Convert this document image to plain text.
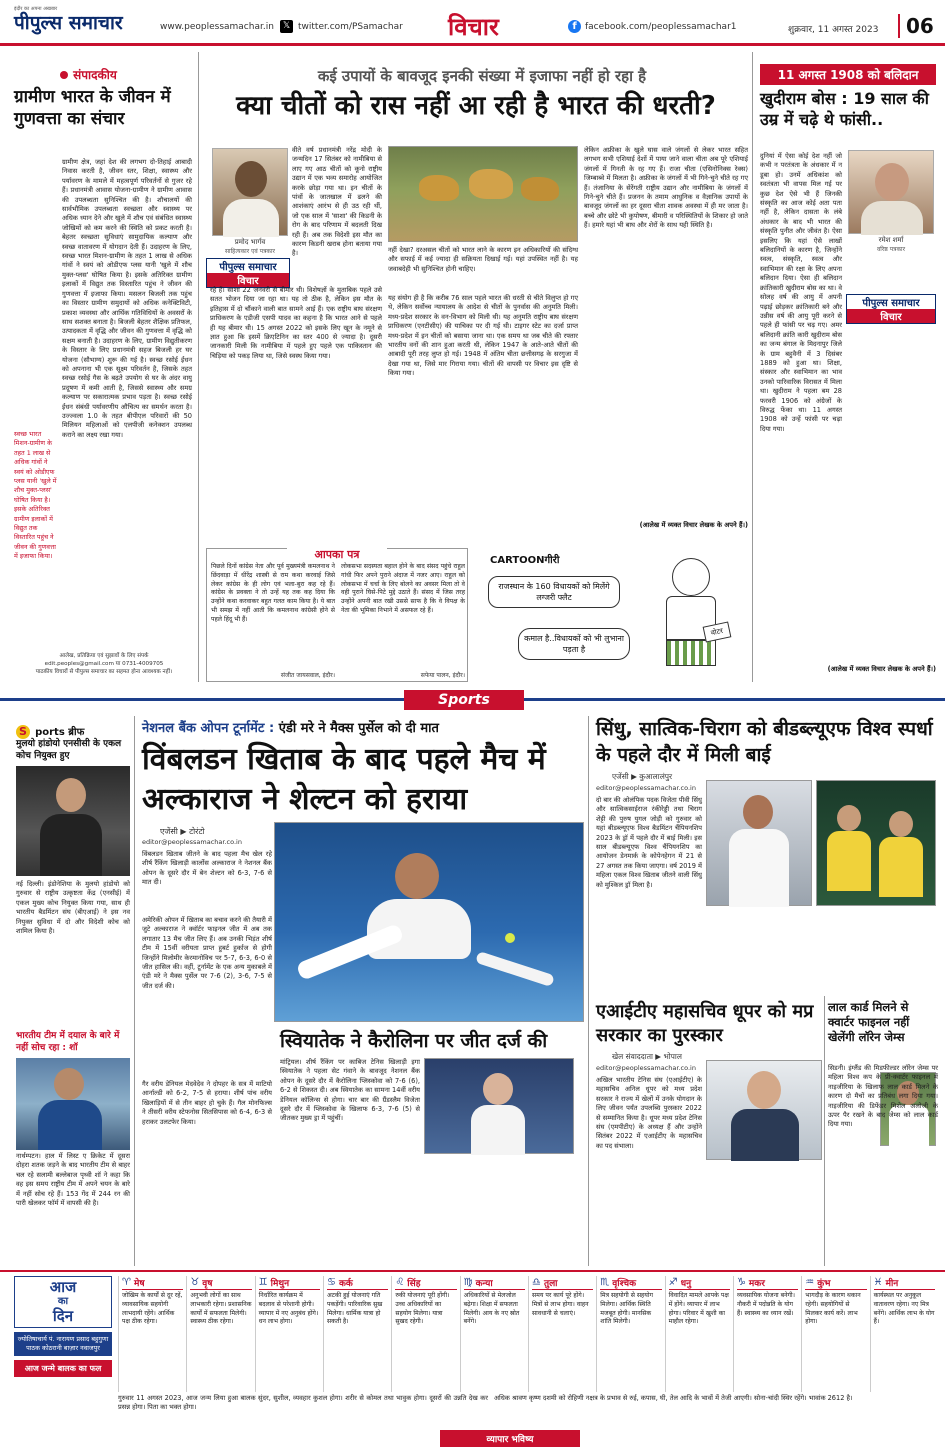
इंदौर का अपना अखबार
पीपुल्स समाचार	www.peoplessamachar.in 𝕏 twitter.com/PSamachar विचार	f facebook.com/peoplessamachar1	शुक्रवार, 11 अगस्त 2023	06
संपादकीय
ग्रामीण भारत के जीवन में गुणवत्ता का संचार
ग्रामीण क्षेत्र, जहां देश की लगभग दो-तिहाई आबादी निवास करती है, जीवन स्तर, शिक्षा, स्वास्थ्य और पर्यावरण के मामले में महत्वपूर्ण परिवर्तनों से गुजर रहे हैं। प्रधानमंत्री आवास योजना-ग्रामीण ने ग्रामीण आवास की उपलब्धता सुनिश्चित की है। शौचालयों की सार्वभौमिक उपलब्धता स्वच्छता और स्वास्थ्य पर अधिक ध्यान देने और खुले में शौच एवं संबंधित स्वास्थ्य जोखिमों को कम करने की स्थिति को प्रकट करती है। बेहतर स्वच्छता सुविधाएं सामुदायिक कल्याण और स्वच्छ वातावरण में योगदान देती हैं। उदाहरण के लिए, स्वच्छ भारत मिशन-ग्रामीण के तहत 1 लाख से अधिक गांवों ने स्वयं को ओडीएफ प्लस यानी 'खुले में शौच मुक्त-प्लस' घोषित किया है। इसके अतिरिक्त ग्रामीण इलाकों में विद्युत तक विस्तारित पहुंच ने जीवन की गुणवत्ता में इजाफा किया। मसलन बिजली तक पहुंच का विस्तार ग्रामीण समुदायों को अधिक कनेक्टिविटी, प्रकाश व्यवस्था और आर्थिक गतिविधियों के अवसरों के साथ सशक्त बनाता है। बिजली बेहतर शैक्षिक प्रतिफल, उत्पादकता में वृद्धि और जीवन की गुणवत्ता में वृद्धि को सक्षम बनाती है। उदाहरण के लिए, ग्रामीण विद्युतीकरण के विस्तार के लिए प्रधानमंत्री सहज बिजली हर घर योजना (सौभाग्य) शुरू की गई है। स्वच्छ रसोई ईंधन को अपनाना भी एक सूक्ष्म परिवर्तन है, जिसके तहत स्वच्छ रसोई गैस के बढ़ते उपयोग से घर के अंदर वायु प्रदूषण में कमी आती है, जिससे स्वास्थ्य और समग्र कल्याण पर सकारात्मक प्रभाव पड़ता है। स्वच्छ रसोई ईंधन संबंधी पर्यावरणीय औचित्य का समर्थन करता है। उज्ज्वला 1.0 के तहत बीपीएल परिवारों की 50 मिलियन महिलाओं को एलपीजी कनेक्शन उपलब्ध कराने का लक्ष्य रखा गया।
स्वच्छ भारत मिशन-ग्रामीण के तहत 1 लाख से अधिक गांवों ने स्वयं को ओडीएफ प्लस यानी 'खुले में शौच मुक्त-प्लस' घोषित किया है। इसके अतिरिक्त ग्रामीण इलाकों में विद्युत तक विस्तारित पहुंच ने जीवन की गुणवत्ता में इजाफा किया।
आलेख, प्रतिक्रिया एवं सुझावों के लिए संपर्क
edit.peoples@gmail.com या 0731-4009705
पाठकीय विचारों से पीपुल्स समाचार का सहमत होना आवश्यक नहीं।
कई उपायों के बावजूद इनकी संख्या में इजाफा नहीं हो रहा है
क्या चीतों को रास नहीं आ रही है भारत की धरती?
प्रमोद भार्गव
साहित्यकार एवं पत्रकार
पीपुल्स समाचार
विचार
वीते वर्ष प्रधानमंत्री नरेंद्र मोदी के जन्मदिन 17 सितंबर को नामीबिया से लाए गए आठ चीतों को कूनो राष्ट्रीय उद्यान में एक भव्य समारोह आयोजित करके छोड़ा गया था। इन चीतों के पांवों के जातखाल में ढलने की आशंकाएं आरंभ से ही उठ रही थीं, जो एक साल में 'साशा' की किडनी के रोग के बाद परिणाम में बदलती दिख रही हैं। अब तक विदेशी इस मौत का कारण किडनी खराब होना बताया गया है।
रहे हैं। साशा 22 जनवरी से बीमार थी। विशेषज्ञों के मुताबिक पहले उसे सतत भोजन दिया जा रहा था। यह तो ठीक है, लेकिन इस मौत के इतिहास में दो चौंकाने वाली बात सामने आई हैं। एक राष्ट्रीय बाघ संरक्षण प्राधिकरण के एडीजी एसपी यादव का कहना है कि भारत आने से पहले ही यह बीमार थी। 15 अगस्त 2022 को इसके लिए खून के नमूने से ज्ञात हुआ कि इसमें क्रिएटिनिन का स्तर 400 से ज्यादा है। दूसरी जानकारी मिली कि नामीबिया में पहले हुए पहले एक पाकिस्तान की चिड़िया को पकड़ लिया था, जिसे स्वस्थ किया गया।
नहीं देखा? दरअसल चीतों को भारत लाने के कारण इन अधिकारियों की संदिग्ध और सफाई में कई ज्यादा ही सक्रियता दिखाई गई। यहां उपस्थित नहीं है। यह जवाबदेही भी सुनिश्चित होनी चाहिए।
यह संयोग ही है कि करीब 76 साल पहले भारत की धरती से चीते विलुप्त हो गए थे, लेकिन सर्वोच्च न्यायालय के आदेश से चीतों के पुनर्वास की अनुमति मिली। मध्य-प्रदेश सरकार के वन-विभाग को मिली थी। यह अनुमति राष्ट्रीय बाघ संरक्षण प्राधिकरण (एनटीसीए) की याचिका पर दी गई थी। टाइगर स्टेट का दर्जा प्राप्त मध्य-प्रदेश में इन चीतों को बसाया जाना था। एक समय था जब चीते की रफ्तार भारतीय वनों की शान हुआ करती थी, लेकिन 1947 के आते-आते चीतों की आबादी पूरी तरह लुप्त हो गई। 1948 में अंतिम चीता छत्तीसगढ़ के सरगुजा में देखा गया था, जिसे मार गिराया गया। चीतों की वापसी पर विचार इस दृष्टि से किया गया।
लेकिन अफ्रीका के खुले घास वाले जंगलों से लेकर भारत सहित लगभग सभी एशियाई देशों में पाया जाने वाला चीता अब पूरे एशियाई जंगलों में गिनती के रह गए हैं। राजा चीता (एसिनोनिक्स रेक्स) जिम्बाब्वे में मिलता है। अफ्रीका के जंगलों में भी गिने-चुने चीते रह गए हैं। तंजानिया के सेरेंगती राष्ट्रीय उद्यान और नामीबिया के जंगलों में गिने-चुने चीते हैं। प्रजनन के तमाम आधुनिक व वैज्ञानिक उपायों के बावजूद जंगलों का हर दूसरा चीता शावक अवस्था में ही मर जाता है। बच्चे और छोटे भी कुपोषण, बीमारी व परिस्थितियों के शिकार हो जाते हैं। हमारे यहां भी बाघ और शेरों के साथ यही स्थिति है।
(आलेख में व्यक्त विचार लेखक के अपने हैं।)
आपका पत्र
पिछले दिनों कांग्रेस नेता और पूर्व मुख्यमंत्री कमलनाथ ने छिंदवाड़ा में धीरेंद्र शास्त्री से राम कथा करवाई जिसे लेकर कांग्रेस के ही लोग एवं भला-बुरा कह रहे हैं। कांग्रेस के प्रवक्ता ने तो उन्हें यह तक कह दिया कि उन्होंने कथा करवाकर बहुत गलत काम किया है। ये बात भी समझ में नहीं आती कि कमलनाथ कांग्रेसी होने से पहले हिंदू भी हैं।
संजीत जायसवाल, इंदौर।
लोकसभा सदस्यता बहाल होने के बाद संसद पहुंचे राहुल गांधी फिर अपने पुराने अंदाज में नजर आए। राहुल को लोकसभा में चर्चा के लिए बोलने का अवसर मिला तो वे वही पुराने घिसे-पिटे मुद्दे उठाते हैं। संसद में जिस तरह उन्होंने अपनी बात रखी उससे साफ है कि वे विपक्ष के नेता की भूमिका निभाने में असफल रहे हैं।
सफेया पालन, इंदौर।
CARTOONगीरी
राजस्थान के 160 विधायकों को मिलेंगे लग्जरी फ्लैट
कमाल है..विधायकों को भी लुभाना पड़ता है
वोटर
11 अगस्त 1908 को बलिदान
खुदीराम बोस : 19 साल की उम्र में चढ़े थे फांसी..
रमेश शर्मा
वरिष्ठ पत्रकार
पीपुल्स समाचार
विचार
दुनियां में ऐसा कोई देश नहीं जो कभी न परतंत्रता के अंधकार में न डूबा हो। उनमें अधिकांश को स्वतंत्रता भी वापस मिल गई पर कुछ देश ऐसे भी हैं जिनकी संस्कृति का आज कोई अता पता नहीं है, लेकिन दासता के लंबे अंधकार के बाद भी भारत की संस्कृति पुनीत और जीवंत है। ऐसा इसलिए कि यहां ऐसे लाखों बलिदानियों के कारण है, जिन्होंने स्वत्व, संस्कृति, स्वत्व और स्वाभिमान की रक्षा के लिए अपना बलिदान दिया। ऐसा ही बलिदान क्रांतिकारी खुदीराम बोस का था। वे सोलह वर्ष की आयु में अपनी पढ़ाई छोड़कर क्रांतिकारी बने और उन्नीस वर्ष की आयु पूरी करने से पहले ही फांसी पर चढ़ गए। अमर बलिदानी क्रांति कारी खुदीराम बोस का जन्म बंगाल के मिदनापुर जिले के ग्राम बहुवैनी में 3 दिसंबर 1889 को हुआ था। शिक्षा, संस्कार और स्वाभिमान का भाव उनको पारिवारिक विरासत में मिला था। खुदीराम ने पहला बम 28 फरवरी 1906 को अंग्रेजों के विरुद्ध फेंका था। 11 अगस्त 1908 को उन्हें फांसी पर चढ़ा दिया गया।
(आलेख में व्यक्त विचार लेखक के अपने हैं।)
Sports
S ports ब्रीफ
मुलयो हांडोयो एनसीसी के एकल कोच नियुक्त हुए
नई दिल्ली। इंडोनेशिया के मुलयो हांडोयो को गुरुवार से राष्ट्रीय उत्कृष्टता केंद्र (एनसीई) में एकल मुख्य कोच नियुक्त किया गया, साथ ही भारतीय बैडमिंटन संघ (बीएआई) ने इस नव नियुक्त सुविधा में दो और विदेशी कोच को शामिल किया है।
भारतीय टीम में दयाल के बारे में नहीं सोच रहा : शॉ
नार्थम्पटन। हाल में लिस्ट ए क्रिकेट में दूसरा दोहरा शतक जड़ने के बाद भारतीय टीम से बाहर चल रहे सलामी बल्लेबाज पृथ्वी शॉ ने कहा कि वह इस समय राष्ट्रीय टीम में अपने चयन के बारे में नहीं सोच रहे हैं। 153 गेंद में 244 रन की पारी खेलकर फॉर्म में वापसी की है।
नेशनल बैंक ओपन टूर्नामेंट : एंडी मरे ने मैक्स पुर्सेल को दी मात
विंबलडन खिताब के बाद पहले मैच में अल्काराज ने शेल्टन को हराया
एजेंसी ▶ टोरंटो
editor@peoplessamachar.co.in
विंबलडन खिताब जीतने के बाद पहला मैच खेल रहे शीर्ष रैंकिंग खिलाड़ी कार्लोस अल्काराज ने नेशनल बैंक ओपन के दूसरे दौर में बेन शेल्टन को 6-3, 7-6 से मात दी।
अमेरिकी ओपन में खिताब का बचाव करने की तैयारी में जुटे अल्काराज ने क्वॉर्टर फाइनल जीत में अब तक लगातार 13 मैच जीत लिए हैं। अब उनकी भिड़ंत शीर्ष टीम में 15वीं वरीयता प्राप्त हुबर्ट हुर्काज से होगी जिन्होंने मिलोमीर केरमानोविच पर 5-7, 6-3, 6-0 से जीत हासिल की। वहीं, टूर्नामेंट के एक अन्य मुकाबले में एंडी मरे ने मैक्स पुर्सेल पर 7-6 (2), 3-6, 7-5 से जीत दर्ज की।
गैर वरीय डेनियल मेदवेदेव ने दोपहर के सत्र में माटियो आर्नाल्डी को 6-2, 7-5 से हराया। शीर्ष पांच वरीय खिलाड़ियों में से तीन बाहर हो चुके हैं। गैल मोनफिल्स ने तीसरी वरीय स्टेफनोस सितसिपास को 6-4, 6-3 से हराकर उलटफेर किया।
स्वियातेक ने कैरोलिना पर जीत दर्ज की
मांट्रियल। शीर्ष रैंकिंग पर काबिज टेनिस खिलाड़ी इगा स्वियातेक ने पहला सेट गंवाने के बावजूद नेशनल बैंक ओपन के दूसरे दौर में कैरोलिना प्लिस्कोवा को 7-6 (6), 6-2 से शिकस्त दी। अब स्वियातेक का सामना 14वीं वरीय डेनियल कॉलिन्स से होगा। चार बार की ग्रैंडस्लैम विजेता दूसरे दौर में प्लिस्कोवा के खिलाफ 6-3, 7-6 (5) से जीतकर मुख्य ड्रा में पहुंचीं।
सिंधु, सात्विक-चिराग को बीडब्ल्यूएफ विश्व स्पर्धा के पहले दौर में मिली बाई
एजेंसी ▶ कुआलालंपुर
editor@peoplessamachar.co.in
दो बार की ओलंपिक पदक विजेता पीवी सिंधु और सात्विकसाईराज रंकीरेड्डी तथा चिराग शेट्टी की पुरुष युगल जोड़ी को गुरुवार को यहां बीडब्ल्यूएफ विश्व बैडमिंटन चैंपियनशिप 2023 के ड्रॉ में पहले दौर में बाई मिली। इस साल बीडब्ल्यूएफ विश्व चैंपियनशिप का आयोजन डेनमार्क के कोपेनहेगन में 21 से 27 अगस्त तक किया जाएगा। वर्ष 2019 में महिला एकल विश्व खिताब जीतने वाली सिंधु को मुश्किल ड्रॉ मिला है।
एआईटीए महासचिव धूपर को मप्र सरकार का पुरस्कार
खेल संवाददाता ▶ भोपाल
editor@peoplessamachar.co.in
अखिल भारतीय टेनिस संघ (एआईटीए) के महासचिव अनिल धूपर को मध्य प्रदेश सरकार ने राज्य में खेलों में उनके योगदान के लिए जीवन पर्यंत उपलब्धि पुरस्कार 2022 से सम्मानित किया है। धूपर मध्य प्रदेश टेनिस संघ (एमपीटीए) के अध्यक्ष हैं और उन्होंने सितंबर 2022 में एआईटीए के महासचिव का पद संभाला।
लाल कार्ड मिलने से क्वार्टर फाइनल नहीं खेलेंगी लॉरेन जेम्स
सिडनी। इंग्लैंड की मिडफील्डर लॉरेन जेम्स पर महिला विश्व कप के प्री-क्वार्टर फाइनल में नाइजीरिया के खिलाफ लाल कार्ड मिलने के कारण दो मैचों का प्रतिबंध लगा दिया गया। नाइजीरिया की डिफेंडर मिशेल अलोजी के ऊपर पैर रखने के बाद जेम्स को लाल कार्ड दिया गया।
आज
का
दिन
ज्योतिषाचार्य पं. नारायण प्रसाद बहुगुणा पाठक कोठरानी बाज़ार नवाजपुर
आज जन्मे बालक का फल
♈ मेष
जोखिम के कार्यों से दूर रहें, व्यावसायिक सहयोगी लाभदायी रहेंगे। आर्थिक पक्ष ठीक रहेगा।
♉ वृष
अनुभवी लोगों का साथ लाभकारी रहेगा। प्रशासनिक कार्यों में सफलता मिलेगी। स्वास्थ्य ठीक रहेगा।
♊ मिथुन
निर्धारित कार्यक्रम में बदलाव से परेशानी होगी। व्यापार में नए अनुबंध होंगे। धन लाभ होगा।
♋ कर्क
अटकी हुई योजनाएं गति पकड़ेंगी। पारिवारिक सुख मिलेगा। धार्मिक यात्रा हो सकती है।
♌ सिंह
रुकी योजनाएं पूरी होंगी। उच्च अधिकारियों का सहयोग मिलेगा। यात्रा सुखद रहेगी।
♍ कन्या
अधिकारियों से मेलजोल बढ़ेगा। शिक्षा में सफलता मिलेगी। आय के नए स्रोत बनेंगे।
♎ तुला
समय पर कार्य पूरे होंगे। मित्रों से लाभ होगा। वाहन सावधानी से चलाएं।
♏ वृश्चिक
मित्र सहयोगी से सहयोग मिलेगा। आर्थिक स्थिति मजबूत होगी। मानसिक शांति मिलेगी।
♐ धनु
विवादित मामले आपके पक्ष में होंगे। व्यापार में लाभ होगा। परिवार में खुशी का माहौल रहेगा।
♑ मकर
व्यवसायिक योजना बनेगी। नौकरी में पदोन्नति के योग हैं। स्वास्थ्य का ध्यान रखें।
♒ कुंभ
भागदौड़ के कारण थकान रहेगी। सहयोगियों से मिलकर कार्य करें। लाभ होगा।
♓ मीन
कार्यस्थल पर अनुकूल वातावरण रहेगा। नए मित्र बनेंगे। आर्थिक लाभ के योग हैं।
गुरुवार 11 अगस्त 2023, आज जन्म लिया हुआ बालक सुंदर, सुशील, व्यवहार कुशल होगा। शरीर से कोमल तथा भावुक होगा। दूसरों की उन्नति देख कर प्रसन्न होगा। पिता का भक्त होगा।
व्यापार भविष्य
अधिक श्रावण कृष्ण दशमी को रोहिणी नक्षत्र के प्रभाव से रुई, कपास, घी, तेल आदि के भावों में तेजी आएगी। सोना-चांदी स्थिर रहेंगे। भावांक 2612 है।
